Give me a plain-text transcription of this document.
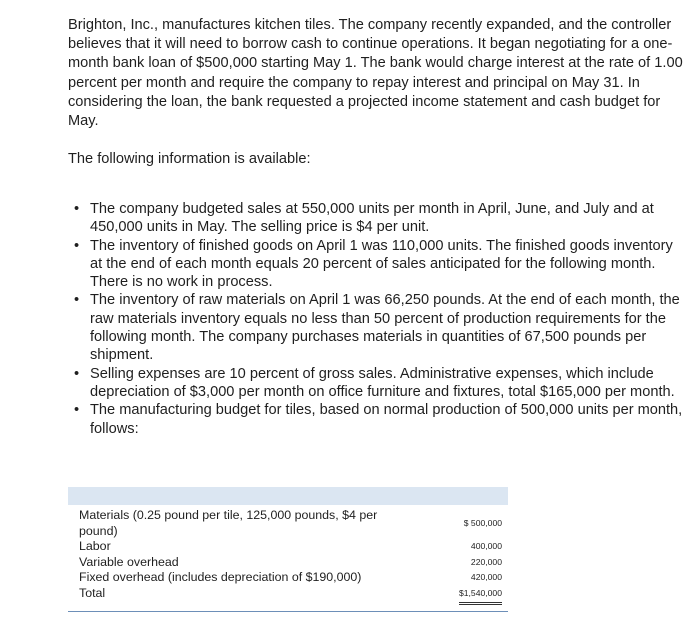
Brighton, Inc., manufactures kitchen tiles. The company recently expanded, and the controller believes that it will need to borrow cash to continue operations. It began negotiating for a one-month bank loan of $500,000 starting May 1. The bank would charge interest at the rate of 1.00 percent per month and require the company to repay interest and principal on May 31. In considering the loan, the bank requested a projected income statement and cash budget for May.

The following information is available:

• The company budgeted sales at 550,000 units per month in April, June, and July and at 450,000 units in May. The selling price is $4 per unit.
• The inventory of finished goods on April 1 was 110,000 units. The finished goods inventory at the end of each month equals 20 percent of sales anticipated for the following month. There is no work in process.
• The inventory of raw materials on April 1 was 66,250 pounds. At the end of each month, the raw materials inventory equals no less than 50 percent of production requirements for the following month. The company purchases materials in quantities of 67,500 pounds per shipment.
• Selling expenses are 10 percent of gross sales. Administrative expenses, which include depreciation of $3,000 per month on office furniture and fixtures, total $165,000 per month.
• The manufacturing budget for tiles, based on normal production of 500,000 units per month, follows:
Materials (0.25 pound per tile, 125,000 pounds, $4 per pound)	$ 500,000
Labor	400,000
Variable overhead	220,000
Fixed overhead (includes depreciation of $190,000)	420,000
Total	$1,540,000
